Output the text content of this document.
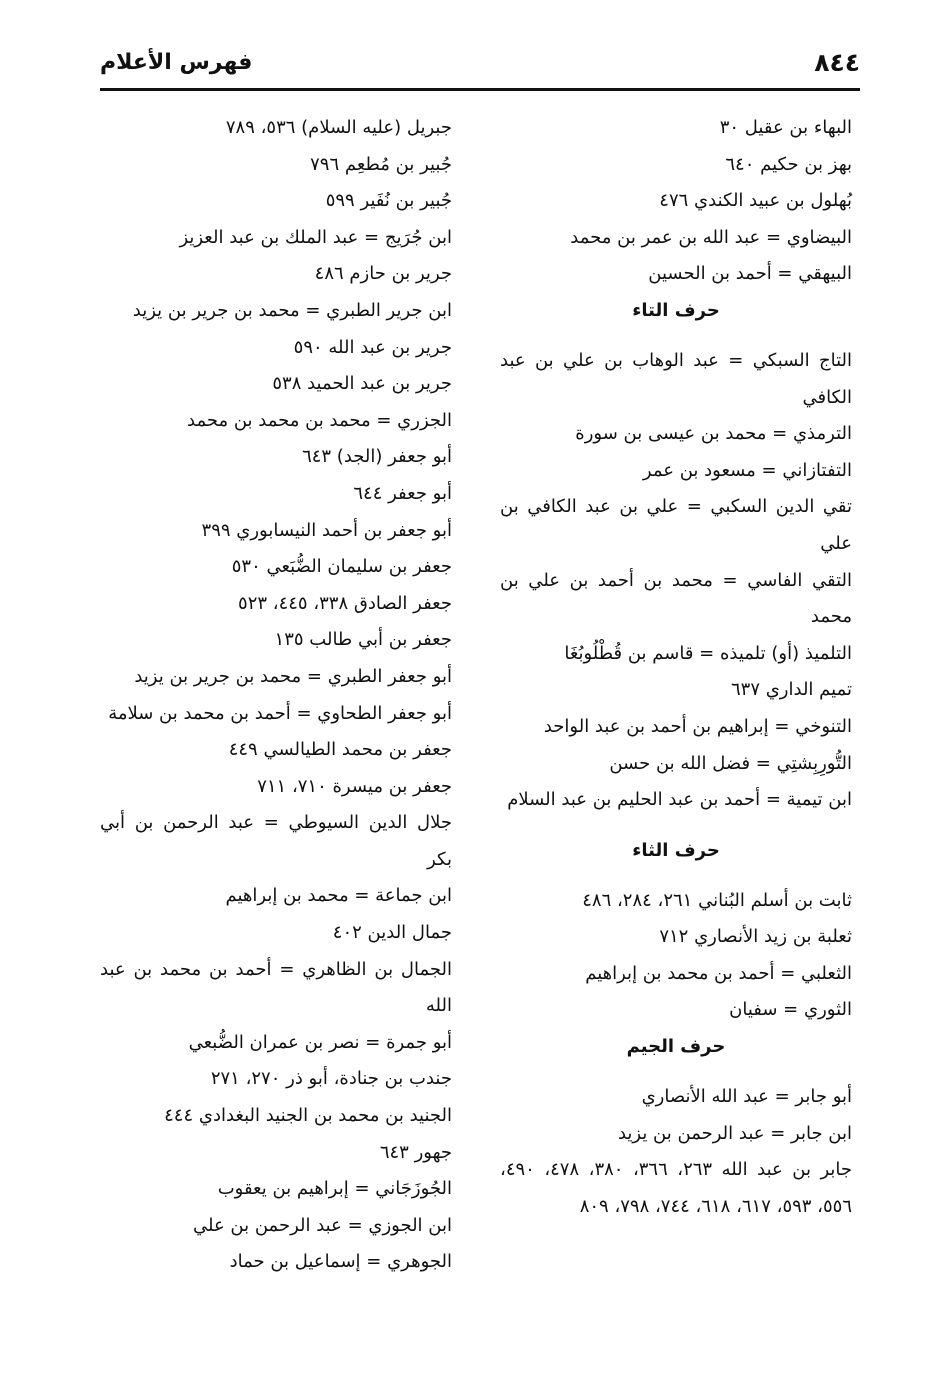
٨٤٤
فهرس الأعلام
البهاء بن عقيل ٣٠
بهز بن حكيم ٦٤٠
بُهلول بن عبيد الكندي ٤٧٦
البيضاوي = عبد الله بن عمر بن محمد
البيهقي = أحمد بن الحسين
حرف التاء
التاج السبكي = عبد الوهاب بن علي بن عبد الكافي
الترمذي = محمد بن عيسى بن سورة
التفتازاني = مسعود بن عمر
تقي الدين السكبي = علي بن عبد الكافي بن علي
التقي الفاسي = محمد بن أحمد بن علي بن محمد
التلميذ (أو) تلميذه = قاسم بن قُطْلُوبُغَا
تميم الداري ٦٣٧
التنوخي = إبراهيم بن أحمد بن عبد الواحد
التُّورِبِشتِي = فضل الله بن حسن
ابن تيمية = أحمد بن عبد الحليم بن عبد السلام
حرف الثاء
ثابت بن أسلم البُناني ٢٦١، ٢٨٤، ٤٨٦
ثعلبة بن زيد الأنصاري ٧١٢
الثعلبي = أحمد بن محمد بن إبراهيم
الثوري = سفيان
حرف الجيم
أبو جابر = عبد الله الأنصاري
ابن جابر = عبد الرحمن بن يزيد
جابر بن عبد الله ٢٦٣، ٣٦٦، ٣٨٠، ٤٧٨، ٤٩٠، ٥٥٦، ٥٩٣، ٦١٧، ٦١٨، ٧٤٤، ٧٩٨، ٨٠٩
جبريل (عليه السلام) ٥٣٦، ٧٨٩
جُبير بن مُطعِم ٧٩٦
جُبير بن نُفَير ٥٩٩
ابن جُرَيج = عبد الملك بن عبد العزيز
جرير بن حازم ٤٨٦
ابن جرير الطبري = محمد بن جرير بن يزيد
جرير بن عبد الله ٥٩٠
جرير بن عبد الحميد ٥٣٨
الجزري = محمد بن محمد بن محمد
أبو جعفر (الجد) ٦٤٣
أبو جعفر ٦٤٤
أبو جعفر بن أحمد النيسابوري ٣٩٩
جعفر بن سليمان الضُّبَعي ٥٣٠
جعفر الصادق ٣٣٨، ٤٤٥، ٥٢٣
جعفر بن أبي طالب ١٣٥
أبو جعفر الطبري = محمد بن جرير بن يزيد
أبو جعفر الطحاوي = أحمد بن محمد بن سلامة
جعفر بن محمد الطيالسي ٤٤٩
جعفر بن ميسرة ٧١٠، ٧١١
جلال الدين السيوطي = عبد الرحمن بن أبي بكر
ابن جماعة = محمد بن إبراهيم
جمال الدين ٤٠٢
الجمال بن الظاهري = أحمد بن محمد بن عبد الله
أبو جمرة = نصر بن عمران الضُّبعي
جندب بن جنادة، أبو ذر ٢٧٠، ٢٧١
الجنيد بن محمد بن الجنيد البغدادي ٤٤٤
جهور ٦٤٣
الجُوزَجَاني = إبراهيم بن يعقوب
ابن الجوزي = عبد الرحمن بن علي
الجوهري = إسماعيل بن حماد
